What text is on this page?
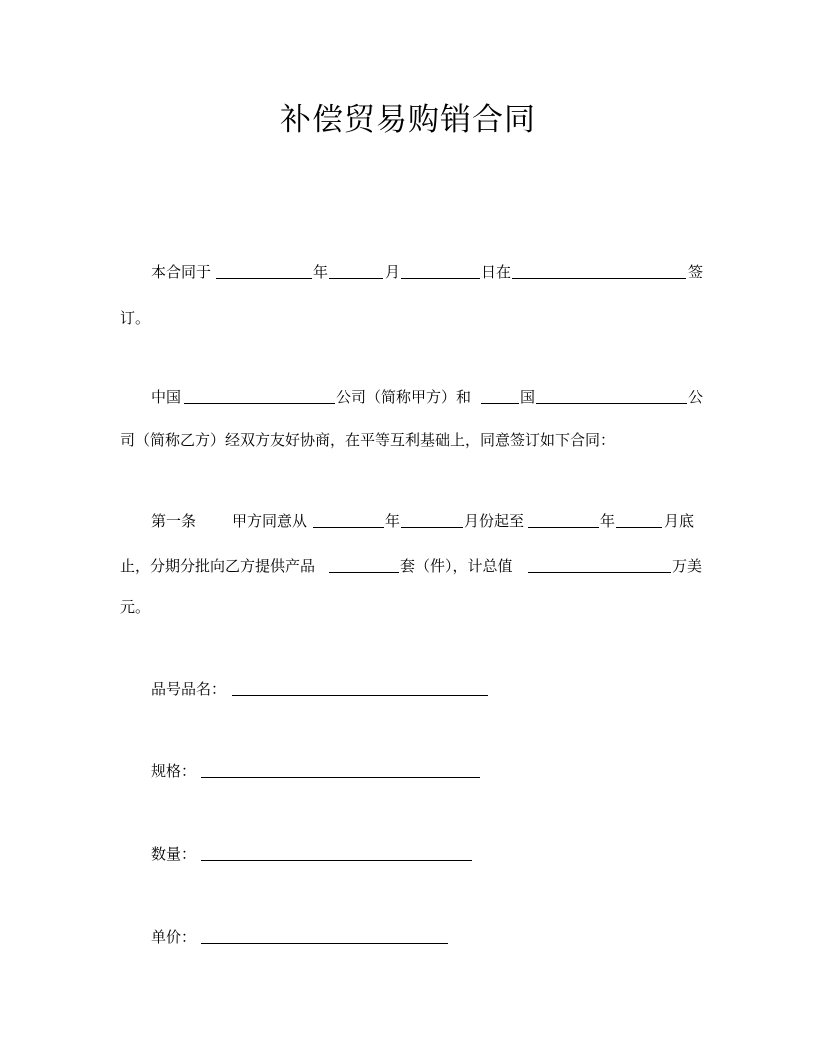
补偿贸易购销合同
本合同于	年	月	日在	签
订。
中国	公司（简称甲方）和	国	公
司（简称乙方）经双方友好协商，在平等互利基础上，同意签订如下合同：
第一条 甲方同意从	年	月份起至	年	月底
止，分期分批向乙方提供产品	套（件），计总值	万美
元。
品号品名：
规格：
数量：
单价：
